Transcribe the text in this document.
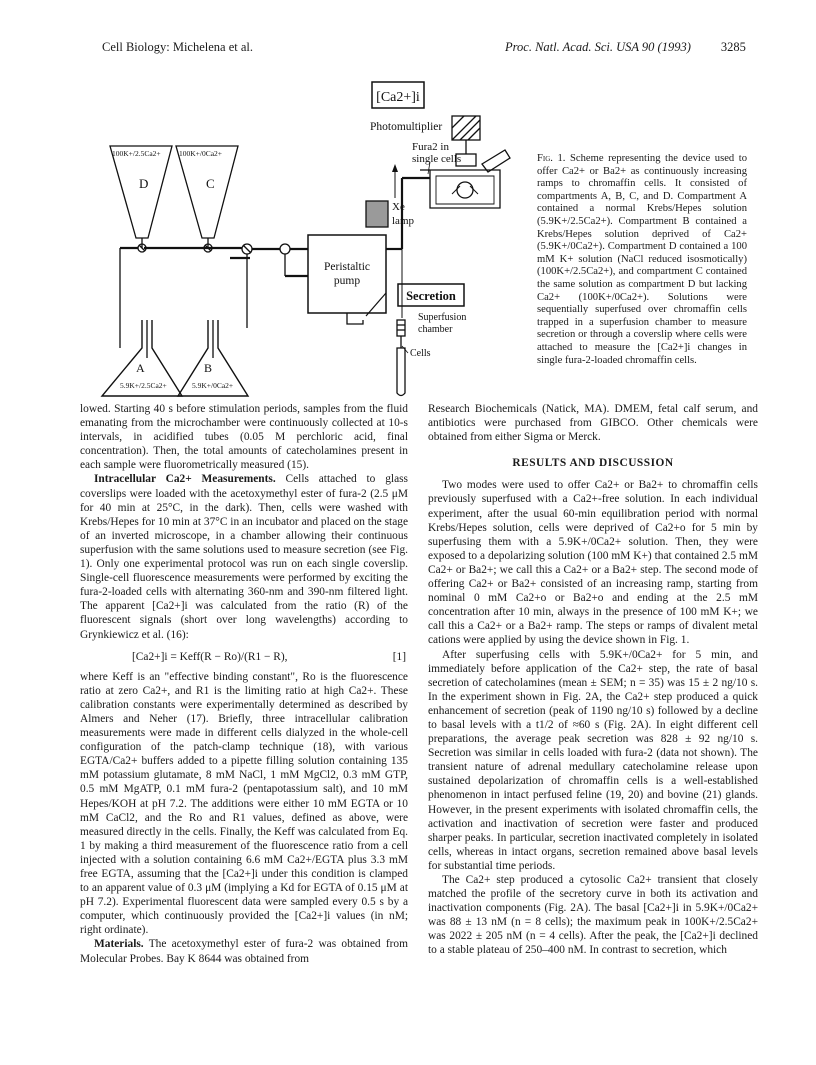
Cell Biology: Michelena et al.	Proc. Natl. Acad. Sci. USA 90 (1993) 3285
[Ca2+]i
Photomultiplier
Fura2 in
single cells
100K+/2.5Ca2+ 100K+/0Ca2+
D	C
Peristaltic
pump
Xe
lamp
Secretion
Superfusion
chamber
Cells
A	B
5.9K+/2.5Ca2+	5.9K+/0Ca2+
Fig. 1. Scheme representing the device used to offer Ca2+ or Ba2+ as continuously increasing ramps to chromaffin cells. It consisted of compartments A, B, C, and D. Compartment A contained a normal Krebs/Hepes solution (5.9K+/2.5Ca2+). Compartment B contained a Krebs/Hepes solution deprived of Ca2+ (5.9K+/0Ca2+). Compartment D contained a 100 mM K+ solution (NaCl reduced isosmotically) (100K+/2.5Ca2+), and compartment C contained the same solution as compartment D but lacking Ca2+ (100K+/0Ca2+). Solutions were sequentially superfused over chromaffin cells trapped in a superfusion chamber to measure secretion or through a coverslip where cells were attached to measure the [Ca2+]i changes in single fura-2-loaded chromaffin cells.

lowed. Starting 40 s before stimulation periods, samples from the fluid emanating from the microchamber were continuously collected at 10-s intervals, in acidified tubes (0.05 M perchloric acid, final concentration). Then, the total amounts of catecholamines present in each sample were fluorometrically measured (15).

Intracellular Ca2+ Measurements. Cells attached to glass coverslips were loaded with the acetoxymethyl ester of fura-2 (2.5 μM for 40 min at 25°C, in the dark). Then, cells were washed with Krebs/Hepes for 10 min at 37°C in an incubator and placed on the stage of an inverted microscope, in a chamber allowing their continuous superfusion with the same solutions used to measure secretion (see Fig. 1). Only one experimental protocol was run on each single coverslip. Single-cell fluorescence measurements were performed by exciting the fura-2-loaded cells with alternating 360-nm and 390-nm filtered light. The apparent [Ca2+]i was calculated from the ratio (R) of the fluorescent signals (short over long wavelengths) according to Grynkiewicz et al. (16):

[Ca2+]i = Keff(R − Ro)/(R1 − R),	[1]

where Keff is an "effective binding constant", Ro is the fluorescence ratio at zero Ca2+, and R1 is the limiting ratio at high Ca2+. These calibration constants were experimentally determined as described by Almers and Neher (17). Briefly, three intracellular calibration measurements were made in different cells dialyzed in the whole-cell configuration of the patch-clamp technique (18), with various EGTA/Ca2+ buffers added to a pipette filling solution containing 135 mM potassium glutamate, 8 mM NaCl, 1 mM MgCl2, 0.3 mM GTP, 0.5 mM MgATP, 0.1 mM fura-2 (pentapotassium salt), and 10 mM Hepes/KOH at pH 7.2. The additions were either 10 mM EGTA or 10 mM CaCl2, and the Ro and R1 values, defined as above, were measured directly in the cells. Finally, the Keff was calculated from Eq. 1 by making a third measurement of the fluorescence ratio from a cell injected with a solution containing 6.6 mM Ca2+/EGTA plus 3.3 mM free EGTA, assuming that the [Ca2+]i under this condition is clamped to an apparent value of 0.3 μM (implying a Kd for EGTA of 0.15 μM at pH 7.2). Experimental fluorescent data were sampled every 0.5 s by a computer, which continuously provided the [Ca2+]i values (in nM; right ordinate).

Materials. The acetoxymethyl ester of fura-2 was obtained from Molecular Probes. Bay K 8644 was obtained from

Research Biochemicals (Natick, MA). DMEM, fetal calf serum, and antibiotics were purchased from GIBCO. Other chemicals were obtained from either Sigma or Merck.

RESULTS AND DISCUSSION

Two modes were used to offer Ca2+ or Ba2+ to chromaffin cells previously superfused with a Ca2+-free solution. In each individual experiment, after the usual 60-min equilibration period with normal Krebs/Hepes solution, cells were deprived of Ca2+o for 5 min by superfusing them with a 5.9K+/0Ca2+ solution. Then, they were exposed to a depolarizing solution (100 mM K+) that contained 2.5 mM Ca2+ or Ba2+; we call this a Ca2+ or a Ba2+ step. The second mode of offering Ca2+ or Ba2+ consisted of an increasing ramp, starting from nominal 0 mM Ca2+o or Ba2+o and ending at the 2.5 mM concentration after 10 min, always in the presence of 100 mM K+; we call this a Ca2+ or a Ba2+ ramp. The steps or ramps of divalent metal cations were applied by using the device shown in Fig. 1.

After superfusing cells with 5.9K+/0Ca2+ for 5 min, and immediately before application of the Ca2+ step, the rate of basal secretion of catecholamines (mean ± SEM; n = 35) was 15 ± 2 ng/10 s. In the experiment shown in Fig. 2A, the Ca2+ step produced a quick enhancement of secretion (peak of 1190 ng/10 s) followed by a decline to basal levels with a t1/2 of ≈60 s (Fig. 2A). In eight different cell preparations, the average peak secretion was 828 ± 92 ng/10 s. Secretion was similar in cells loaded with fura-2 (data not shown). The transient nature of adrenal medullary catecholamine release upon sustained depolarization of chromaffin cells is a well-established phenomenon in intact perfused feline (19, 20) and bovine (21) glands. However, in the present experiments with isolated chromaffin cells, the activation and inactivation of secretion were faster and produced sharper peaks. In particular, secretion inactivated completely in isolated cells, whereas in intact organs, secretion remained above basal levels for substantial time periods.

The Ca2+ step produced a cytosolic Ca2+ transient that closely matched the profile of the secretory curve in both its activation and inactivation components (Fig. 2A). The basal [Ca2+]i in 5.9K+/0Ca2+ was 88 ± 13 nM (n = 8 cells); the maximum peak in 100K+/2.5Ca2+ was 2022 ± 205 nM (n = 4 cells). After the peak, the [Ca2+]i declined to a stable plateau of 250–400 nM. In contrast to secretion, which
